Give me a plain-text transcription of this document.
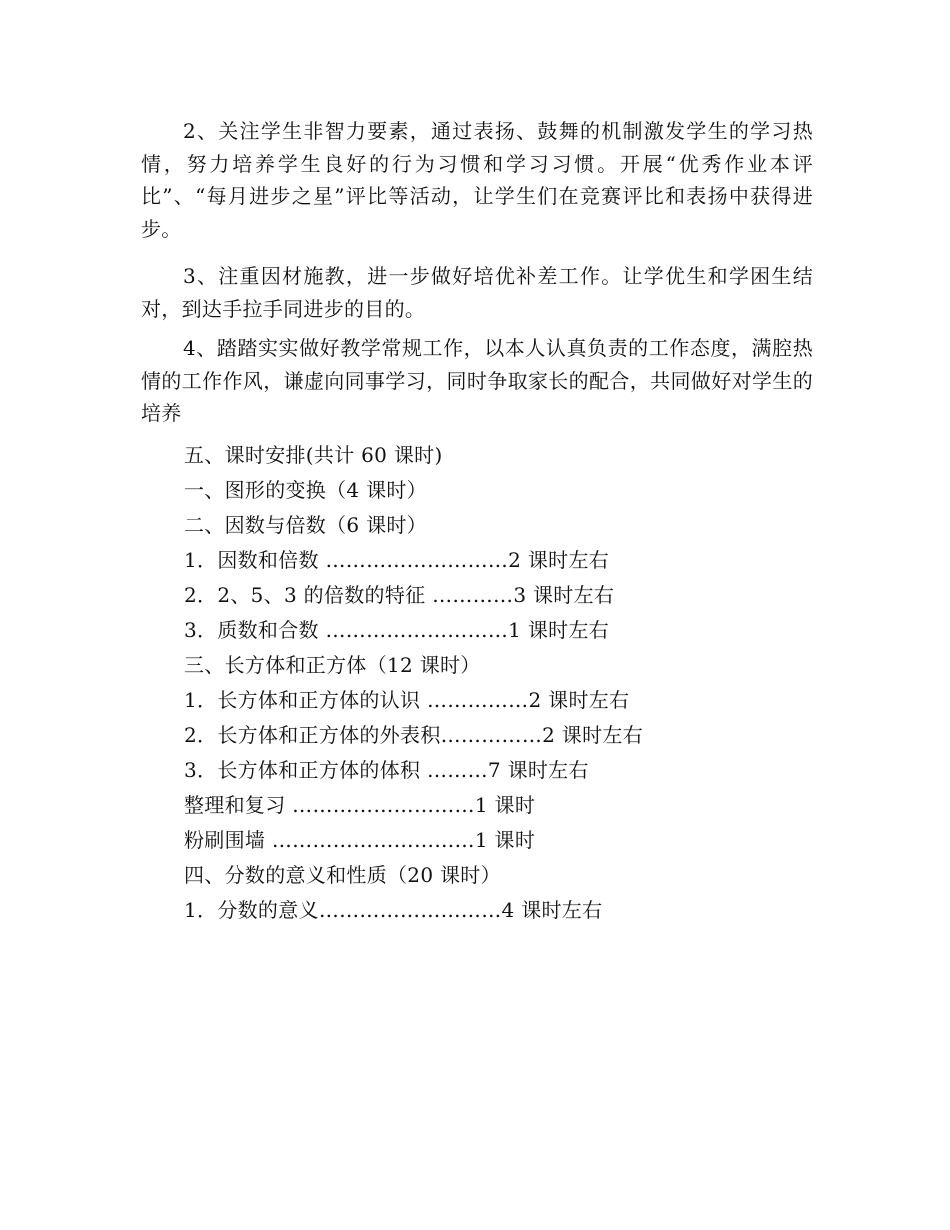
2、关注学生非智力要素，通过表扬、鼓舞的机制激发学生的学习热情，努力培养学生良好的行为习惯和学习习惯。开展“优秀作业本评比”、“每月进步之星”评比等活动，让学生们在竞赛评比和表扬中获得进步。

3、注重因材施教，进一步做好培优补差工作。让学优生和学困生结对，到达手拉手同进步的目的。

4、踏踏实实做好教学常规工作，以本人认真负责的工作态度，满腔热情的工作作风，谦虚向同事学习，同时争取家长的配合，共同做好对学生的培养

五、课时安排(共计 60 课时)

一、图形的变换（4 课时）

二、因数与倍数（6 课时）

1．因数和倍数 ………………………2 课时左右

2．2、5、3 的倍数的特征 …………3 课时左右

3．质数和合数 ………………………1 课时左右

三、长方体和正方体（12 课时）

1．长方体和正方体的认识 ……………2 课时左右

2．长方体和正方体的外表积……………2 课时左右

3．长方体和正方体的体积 ………7 课时左右

整理和复习 ………………………1 课时

粉刷围墙 …………………………1 课时

四、分数的意义和性质（20 课时）

1．分数的意义………………………4 课时左右
